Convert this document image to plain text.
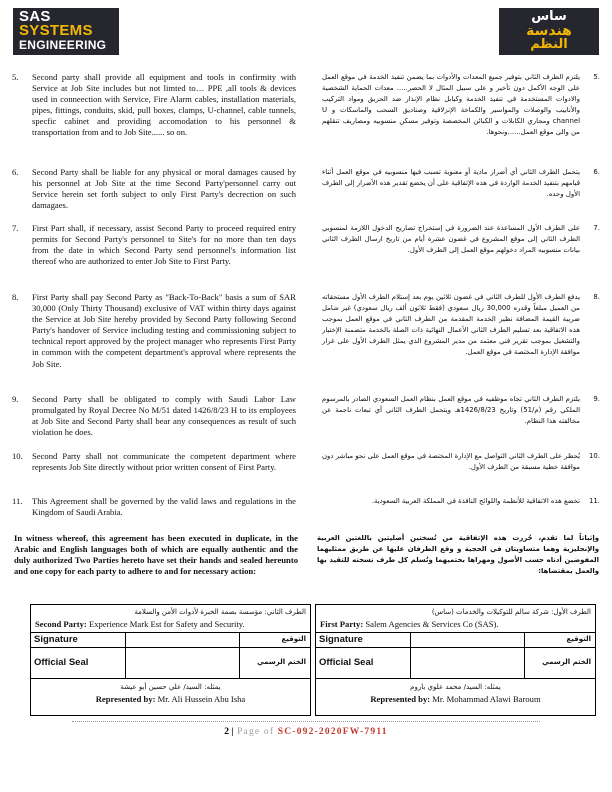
SAS
SYSTEMS
ENGINEERING
ساس
هندسة
النظم
5. Second party shall provide all equipment and tools in confirmity with Service at Job Site includes but not limted to… PPE ,all tools & devices used in conneection with Service, Fire Alarm cables, installation materials, pipes, fittings, conduits, skid, pull boxes, clamps, U-channel, cable tunnels, specfic cabinet and providing accomodation to his personnel & transportation from and to Job Site...... so on.
6. Second Party shall be liable for any physical or moral damages caused by his personnel at Job Site at the time Second Party'personnel carry out Service herein set forth subject to only First Party's decrection on such damagaes.
7. First Part shall, if necessary, assist Second Party to proceed required entry permits for Second Party's personnel to Site's for no more than ten days from the date in which Second Party send personnel's information list thereof who are authorized to enter Job Site to First Party.
8. First Party shall pay Second Party as "Back-To-Back" basis a sum of SAR 30,000 (Only Thirty Thousand) exclusive of VAT within thirty days against the Service at Job Site hereby provided by Second Party following Second Party's handover of Service including testing and commissioning subject to technical report approved by the project manager who represents First Party in common with the competent department's approval where represents the Job Site.
9. Second Party shall be obligated to comply with Saudi Labor Law promulgated by Royal Decree No M/51 dated 1426/8/23 H to its employees at Job Site and Second Party shall bear any consequences as result of such violation he does.
10. Second Party shall not communicate the competent department where represents Job Site directly without prior written consent of First Party.
11. This Agreement shall be governed by the valid laws and regulations in the Kingdom of Saudi Arabia.
.5
يلتزم الطرف الثاني بتوفير جميع المعدات والأدوات بما يضمن تنفيذ الخدمة في موقع العمل على الوجه الأكمل دون تأخير و على سبيل المثال لا الحصر..... معدات الحماية الشخصية والادوات المستخدمة في تنفيذ الخدمة وكيابل نظام الإنذار ضد الحريق ومواد التركيب والأنابيب والوصلات والمواسير والكماخة الإنزلاقية وصناديق السحب والماسكات و U channel ومجاري الكابلات و الكبائن المخصصة وتوفير مسكن منسوبيه ومصاريف تنقلهم من والى موقع العمل......ونحوها.
.6
يتحمل الطرف الثاني أي أضرار مادية أو معنوية تسبب فيها منسوبيه في موقع العمل أثناء قيامهم بتنفيذ الخدمة الواردة في هذه الإتفاقية على أن يخضع تقدير هذه الأضرار إلى الطرف الأول وحده.
.7
على الطرف الأول المساعدة عند الضرورة في إستخراج تصاريح الدخول اللازمة لمنسوبي الطرف الثاني إلى موقع المشروع في غضون عشرة أيام من تاريخ ارسال الطرف الثاني بيانات منسوبيه المراد دخولهم موقع العمل إلى الطرف الأول.
.8
يدفع الطرف الأول للطرف الثاني في غضون ثلاثين يوم بعد إستلام الطرف الأول مستحقاته من العميل مبلغاً وقدره 30,000 ريال سعودي (فقط ثلاثون ألف ريال سعودي) غير شامل ضريبة القيمة المضافة نظير الخدمة المقدمة من الطرف الثاني في موقع العمل بموجب هذه الاتفاقية بعد تسليم الطرف الثاني الأعمال النهائية ذات الصلة بالخدمة متضمنة الإختبار والتشغيل بموجب تقرير فني معتمد من مدير المشروع الذي يمثل الطرف الأول على غرار موافقة الإدارة المختصة في موقع العمل.
.9
يلتزم الطرف الثاني تجاه موظفيه في موقع العمل بنظام العمل السعودي الصادر بالمرسوم الملكي رقم (م/51) وتاريخ 1426/8/23هـ ويتحمل الطرف الثاني أي تبعات ناجمة عن مخالفته هذا النظام.
.10
يُحظر على الطرف الثاني التواصل مع الإدارة المختصة في موقع العمل على نحو مباشر دون موافقة خطية مسبقة من الطرف الأول.
.11
تخضع هذه الاتفاقية للأنظمة واللوائح النافذة في المملكة العربية السعودية.
In witness whereof, this agreement has been executed in duplicate, in the Arabic and English languages both of which are equally authentic and the duly authorized Two Parties hereto have set their hands and sealed hereunto and one copy for each party to adhere to and for necessary action:
وإثباتاً لما تقدم، حُررت هذه الإتفاقية من نُسختين أصليتين باللغتين العربية والإنجليزية وهما متساويتان في الحجية و وقع الطرفان عليها عن طريق ممثليهما المفوضين أدناه حسب الأصول ومهراها بختميهما وتُسلم كل طرف نسخته للتقيد بها والعمل بمقتضاها:
الطرف الثاني: مؤسسة بصمة الخبرة لأدوات الأمن والسلامة
Second Party: Experience Mark Est for Safety and Security.
Signature	التوقيع
Official Seal	الختم الرسمي
يمثله: السيد/ علي حسين أبو عيشة
Represented by: Mr. Ali Hussein Abu Isha
الطرف الأول: شركة سالم للتوكيلات والخدمات (ساس)
First Party: Salem Agencies & Services Co (SAS).
Signature	التوقيع
Official Seal	الختم الرسمي
يمثله: السيد/ محمد علوي باروم
Represented by: Mr. Mohammad Alawi Baroum
2 | Page of SC-092-2020FW-7911
